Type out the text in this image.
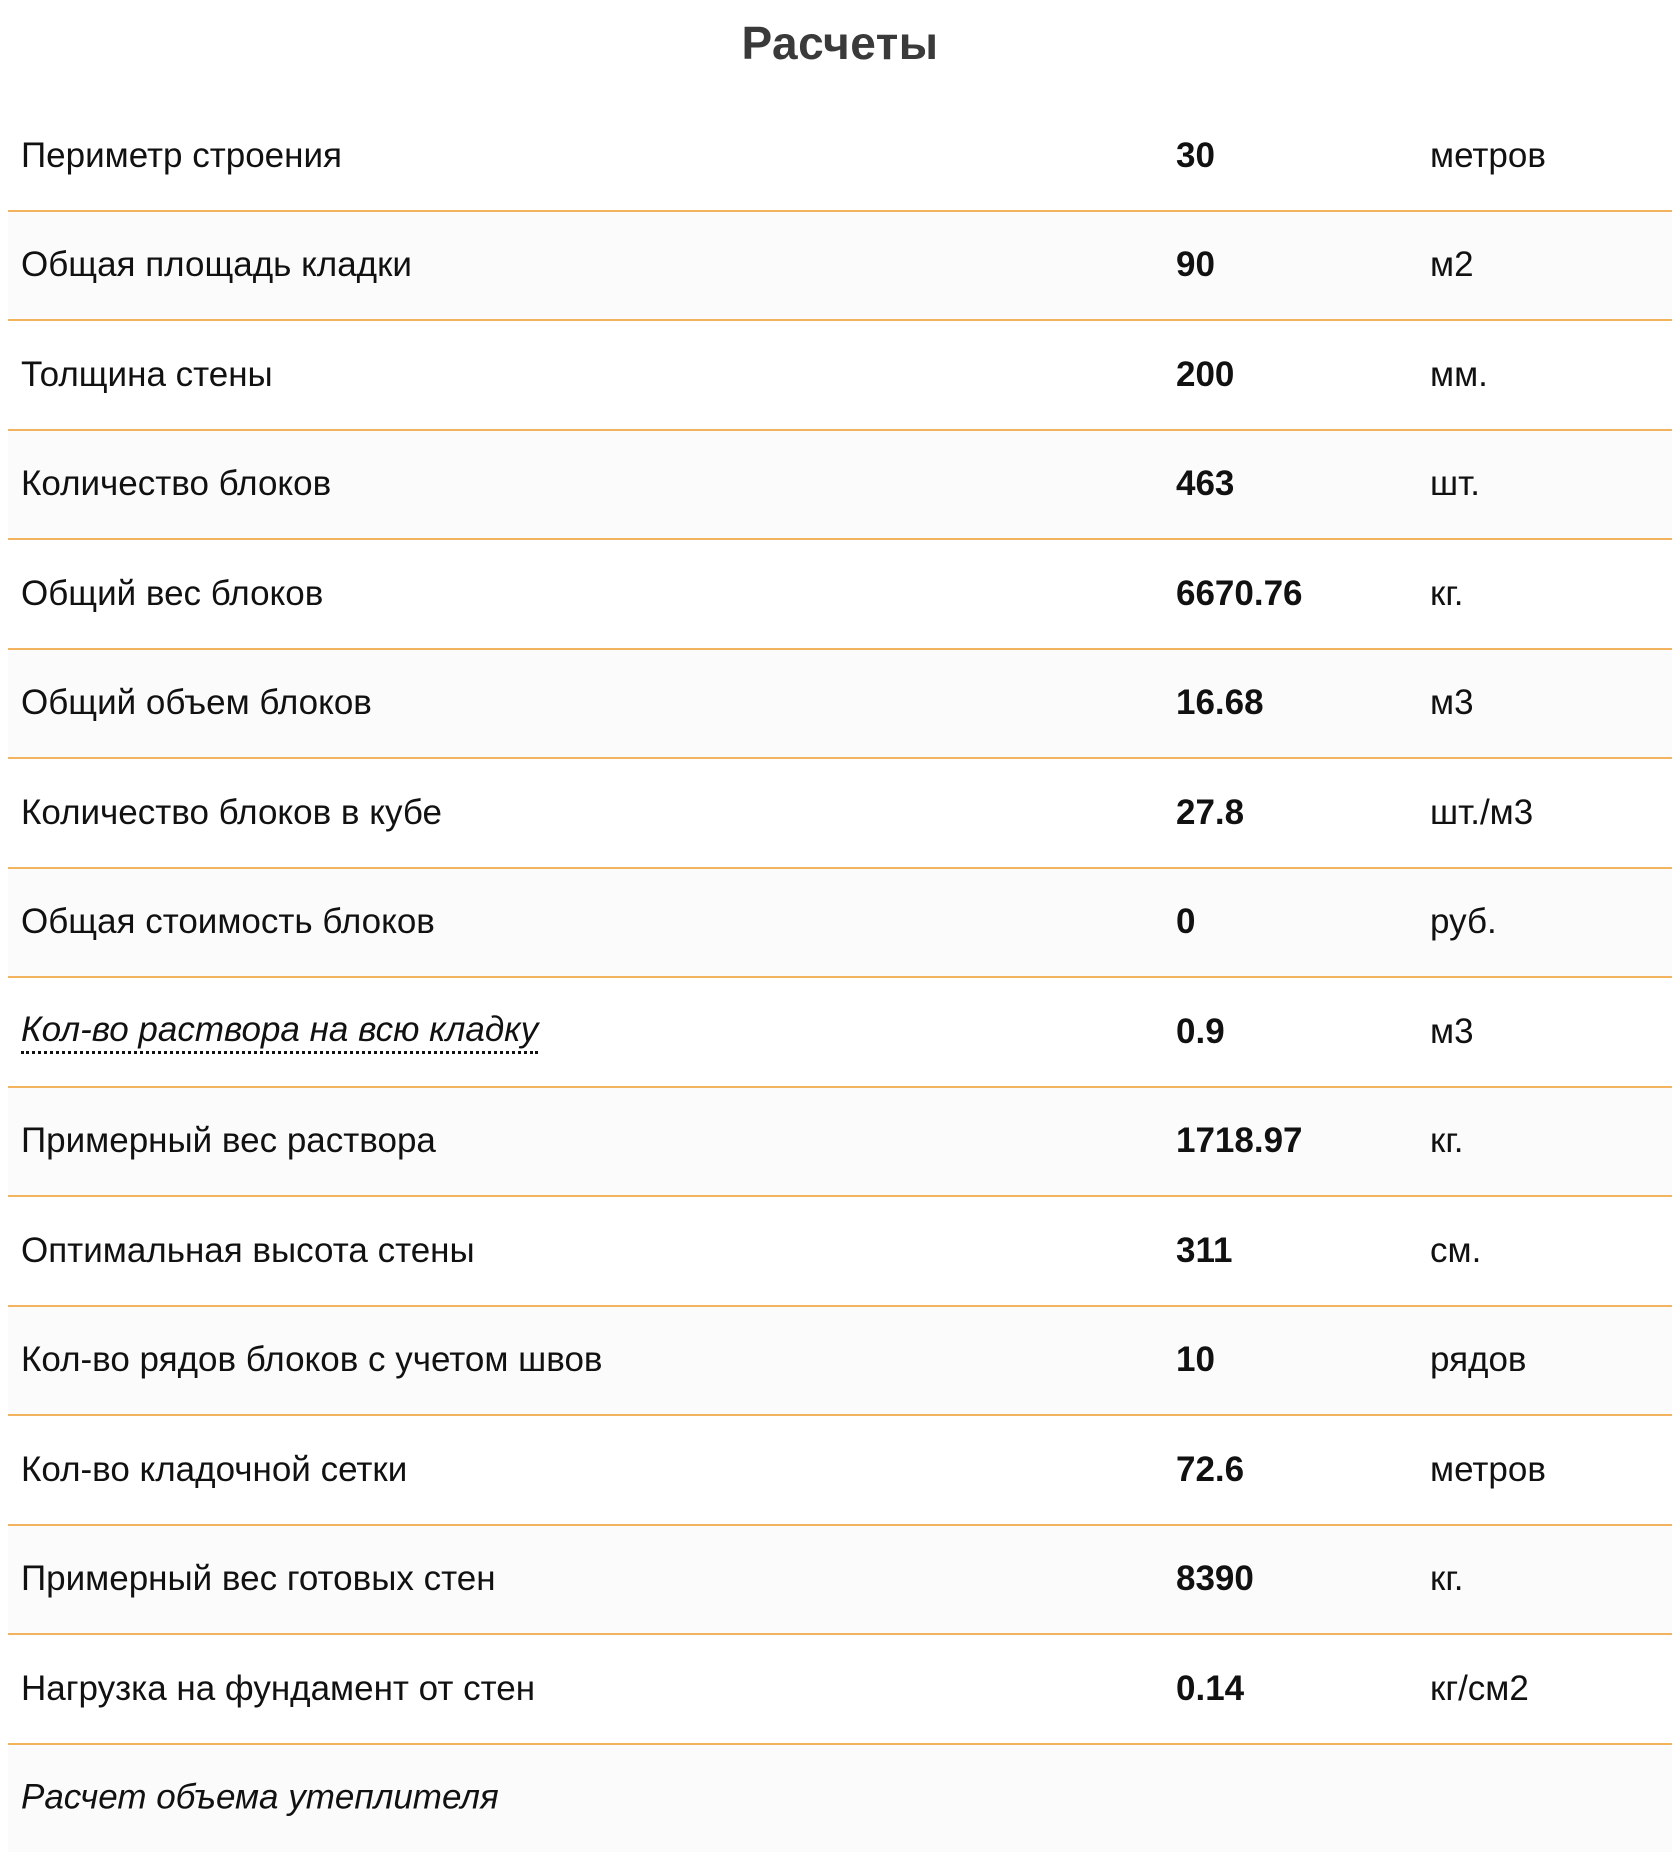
Расчеты
Периметр строения	30	метров
Общая площадь кладки	90	м2
Толщина стены	200	мм.
Количество блоков	463	шт.
Общий вес блоков	6670.76	кг.
Общий объем блоков	16.68	м3
Количество блоков в кубе	27.8	шт./м3
Общая стоимость блоков	0	руб.
Кол-во раствора на всю кладку	0.9	м3
Примерный вес раствора	1718.97	кг.
Оптимальная высота стены	311	см.
Кол-во рядов блоков с учетом швов	10	рядов
Кол-во кладочной сетки	72.6	метров
Примерный вес готовых стен	8390	кг.
Нагрузка на фундамент от стен	0.14	кг/см2
Расчет объема утеплителя
